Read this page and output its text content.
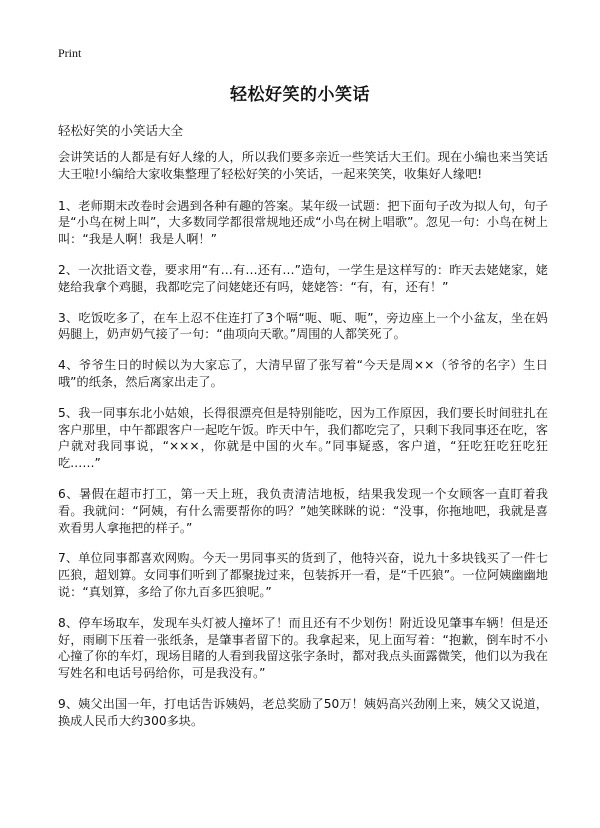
Print
轻松好笑的小笑话
轻松好笑的小笑话大全

会讲笑话的人都是有好人缘的人，所以我们要多亲近一些笑话大王们。现在小编也来当笑话大王啦!小编给大家收集整理了轻松好笑的小笑话，一起来笑笑，收集好人缘吧!

1、老师期末改卷时会遇到各种有趣的答案。某年级一试题：把下面句子改为拟人句，句子是“小鸟在树上叫”，大多数同学都很常规地还成“小鸟在树上唱歌”。忽见一句：小鸟在树上叫：“我是人啊！我是人啊！”

2、一次批语文卷，要求用“有…有…还有…”造句，一学生是这样写的：昨天去姥姥家，姥姥给我拿个鸡腿，我都吃完了问姥姥还有吗，姥姥答：“有，有，还有！”

3、吃饭吃多了，在车上忍不住连打了3个嗝“呃、呃、呃”，旁边座上一个小盆友，坐在妈妈腿上，奶声奶气接了一句：“曲项向天歌。”周围的人都笑死了。

4、爷爷生日的时候以为大家忘了，大清早留了张写着“今天是周××（爷爷的名字）生日哦”的纸条，然后离家出走了。

5、我一同事东北小姑娘，长得很漂亮但是特别能吃，因为工作原因，我们要长时间驻扎在客户那里，中午都跟客户一起吃午饭。昨天中午，我们都吃完了，只剩下我同事还在吃，客户就对我同事说，“×××，你就是中国的火车。”同事疑惑，客户道，“狂吃狂吃狂吃狂吃……”

6、暑假在超市打工，第一天上班，我负责清洁地板，结果我发现一个女顾客一直盯着我看。我就问：“阿姨，有什么需要帮你的吗？”她笑眯眯的说：“没事，你拖地吧，我就是喜欢看男人拿拖把的样子。”

7、单位同事都喜欢网购。今天一男同事买的货到了，他特兴奋，说九十多块钱买了一件七匹狼，超划算。女同事们听到了都聚拢过来，包装拆开一看，是“千匹狼”。一位阿姨幽幽地说：“真划算，多给了你九百多匹狼呢。”

8、停车场取车，发现车头灯被人撞坏了！而且还有不少划伤！附近设见肇事车辆！但是还好，雨刷下压着一张纸条，是肇事者留下的。我拿起来，见上面写着：“抱歉，倒车时不小心撞了你的车灯，现场目睹的人看到我留这张字条时，都对我点头面露微笑，他们以为我在写姓名和电话号码给你，可是我没有。”

9、姨父出国一年，打电话告诉姨妈，老总奖励了50万！姨妈高兴劲刚上来，姨父又说道，换成人民币大约300多块。
